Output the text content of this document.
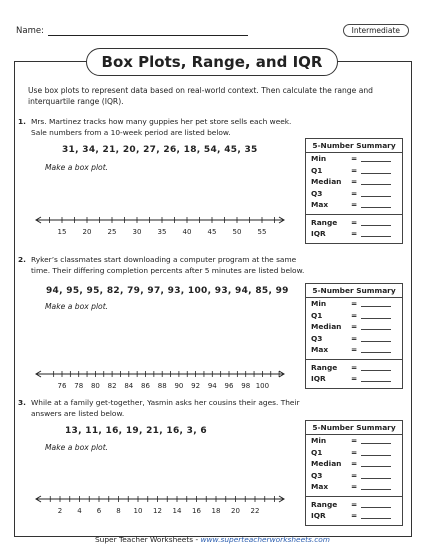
Name:	Intermediate
Box Plots, Range, and IQR
Use box plots to represent data based on real-world context. Then calculate the range and interquartile range (IQR).
1. Mrs. Martinez tracks how many guppies her pet store sells each week. Sale numbers from a 10-week period are listed below.
31, 34, 21, 20, 27, 26, 18, 54, 45, 35
Make a box plot.
15 20 25 30 35 40 45 50 55
5-Number Summary
Min	=
Q1	=
Median	=
Q3	=
Max	=
Range	=
IQR	=
2. Ryker’s classmates start downloading a computer program at the same time. Their differing completion percents after 5 minutes are listed below.
94, 95, 95, 82, 79, 97, 93, 100, 93, 94, 85, 99
Make a box plot.
76 78 80 82 84 86 88 90 92 94 96 98 100
5-Number Summary
Min	=
Q1	=
Median	=
Q3	=
Max	=
Range	=
IQR	=
3. While at a family get-together, Yasmin asks her cousins their ages. Their answers are listed below.
13, 11, 16, 19, 21, 16, 3, 6
Make a box plot.
2 4 6 8 10 12 14 16 18 20 22
5-Number Summary
Min	=
Q1	=
Median	=
Q3	=
Max	=
Range	=
IQR	=
Super Teacher Worksheets - www.superteacherworksheets.com
